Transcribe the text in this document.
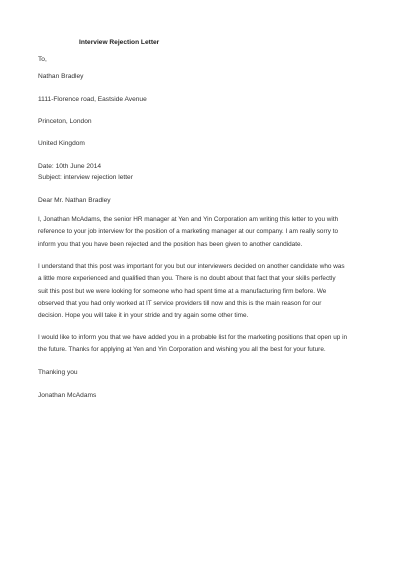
Interview Rejection Letter
To,
Nathan Bradley
1111-Florence road, Eastside Avenue
Princeton, London
United Kingdom
Date: 10th June 2014
Subject: interview rejection letter
Dear Mr. Nathan Bradley
I, Jonathan McAdams, the senior HR manager at Yen and Yin Corporation am writing this letter to you with
reference to your job interview for the position of a marketing manager at our company. I am really sorry to
inform you that you have been rejected and the position has been given to another candidate.
I understand that this post was important for you but our interviewers decided on another candidate who was
a little more experienced and qualified than you. There is no doubt about that fact that your skills perfectly
suit this post but we were looking for someone who had spent time at a manufacturing firm before. We
observed that you had only worked at IT service providers till now and this is the main reason for our
decision. Hope you will take it in your stride and try again some other time.
I would like to inform you that we have added you in a probable list for the marketing positions that open up in
the future. Thanks for applying at Yen and Yin Corporation and wishing you all the best for your future.
Thanking you
Jonathan McAdams
